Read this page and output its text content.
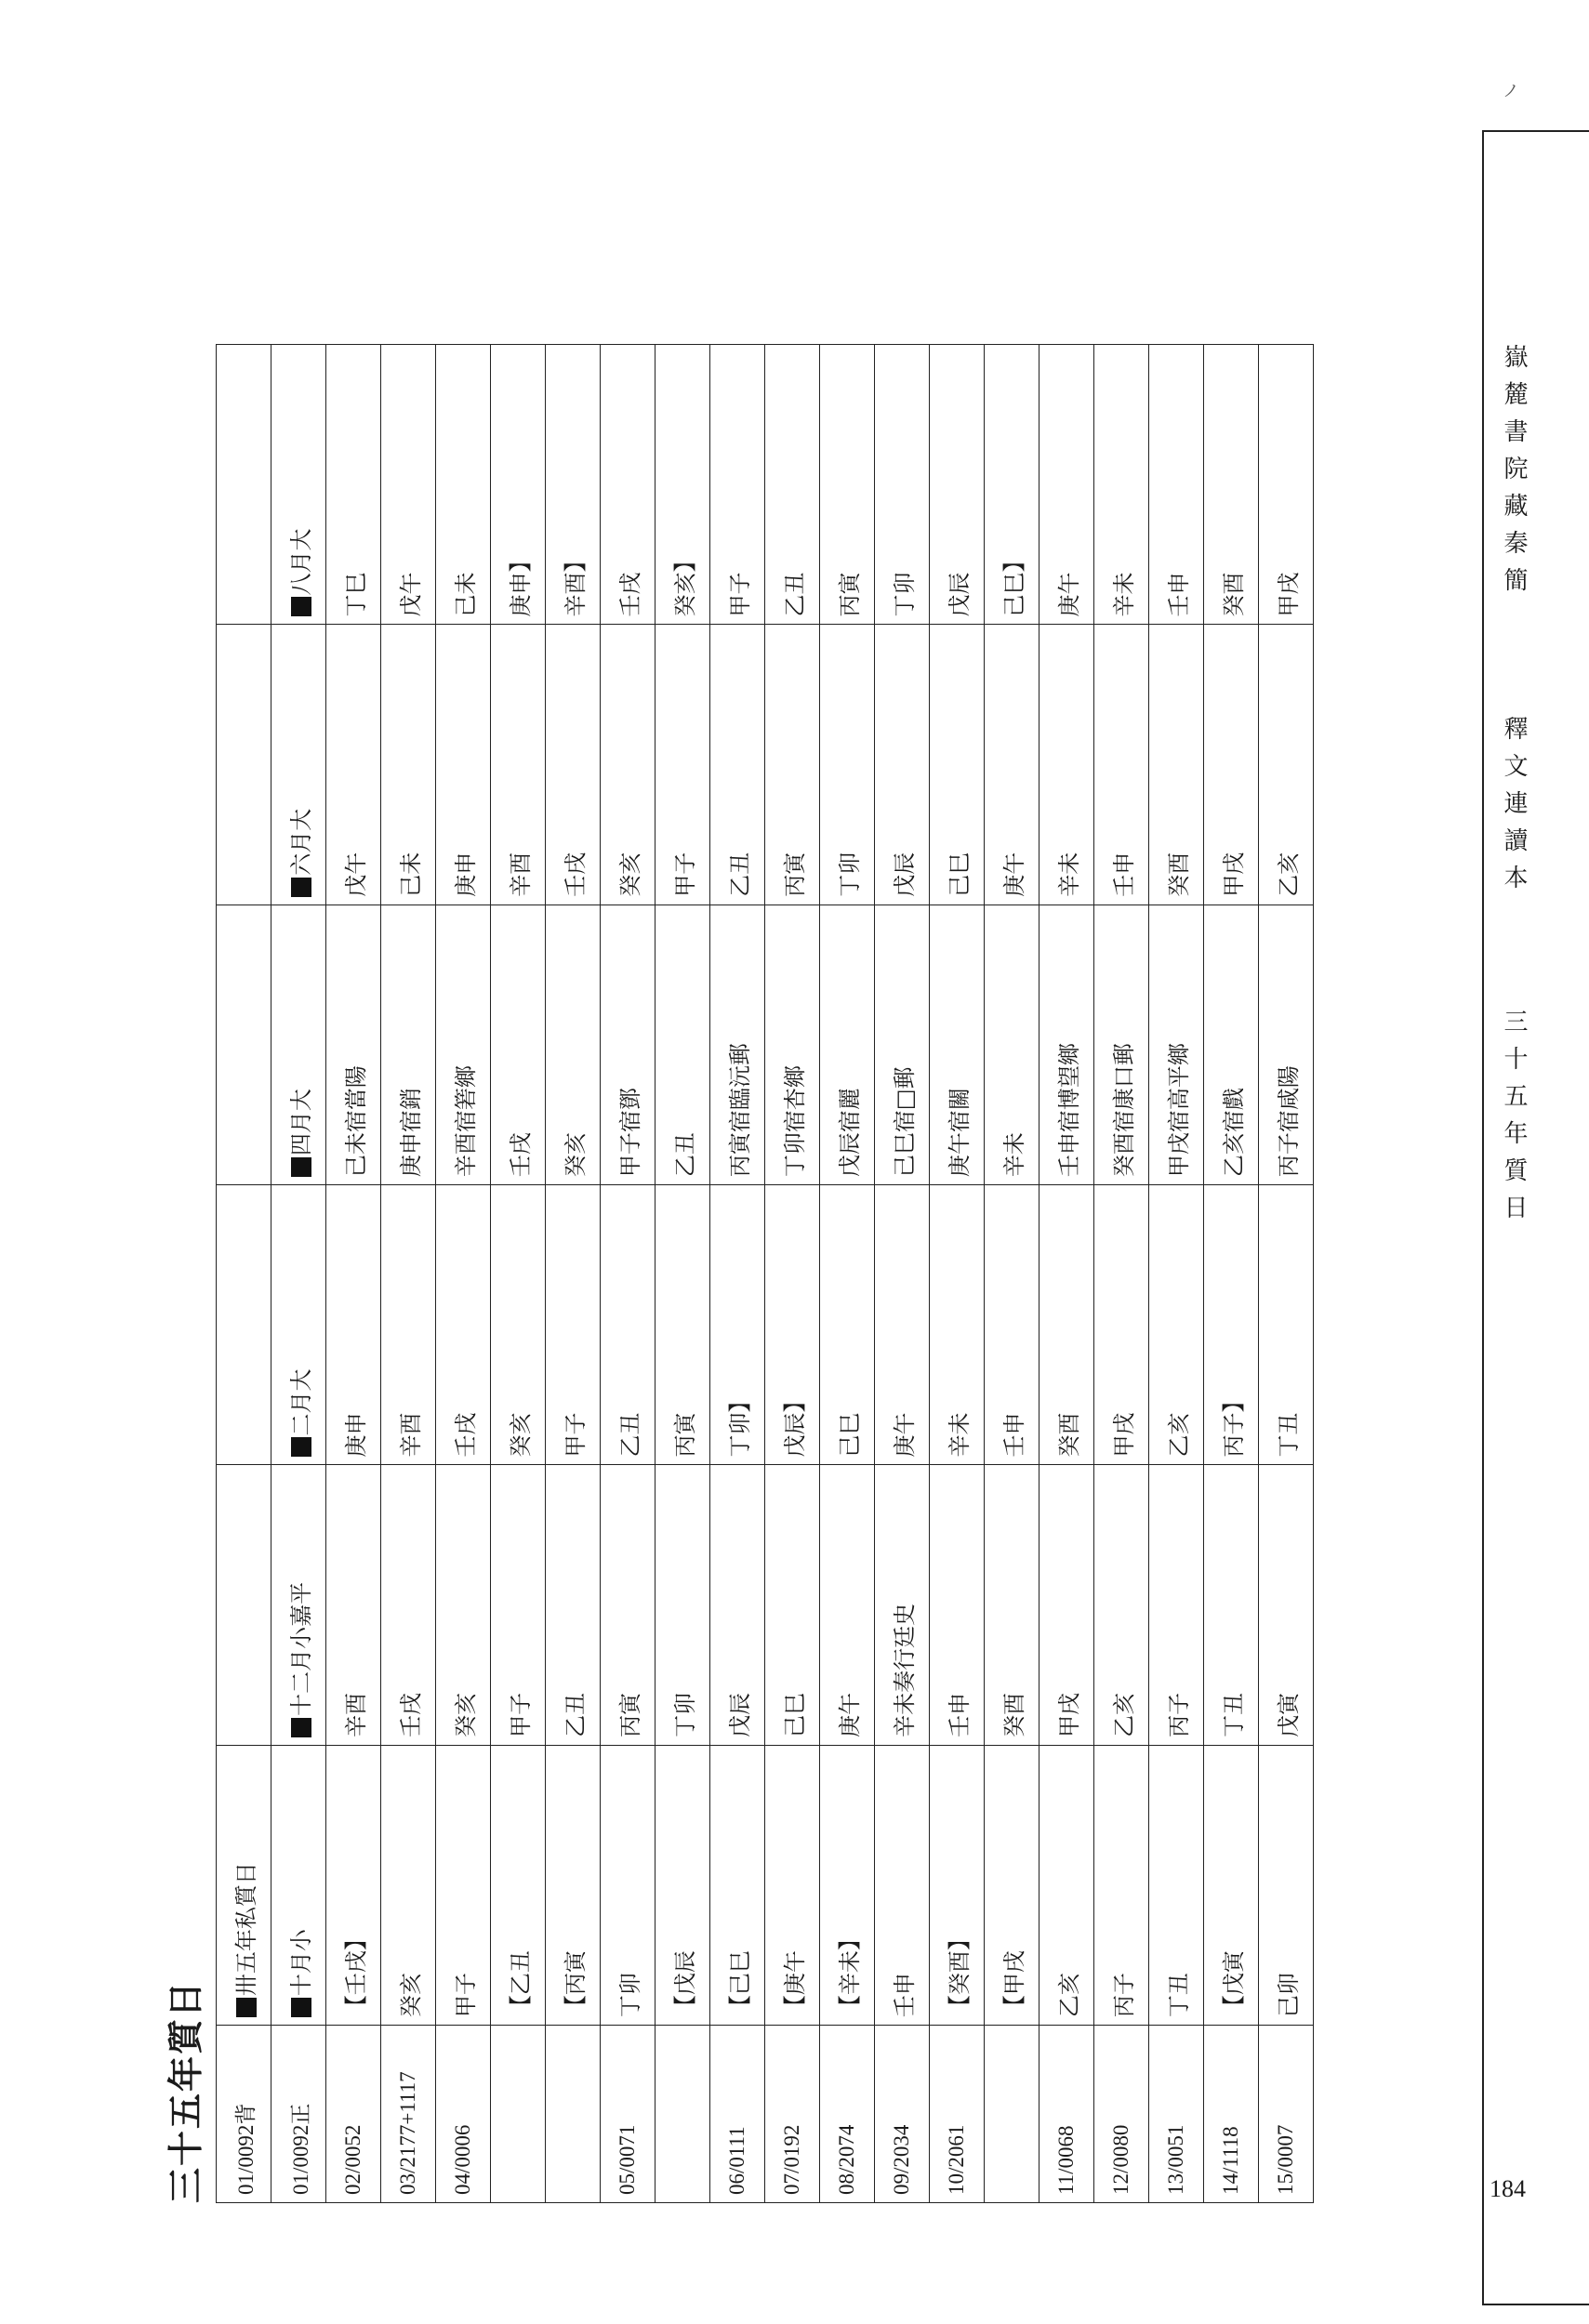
ノ
嶽麓書院藏秦簡
釋文連讀本
三十五年質日
184
三十五年質日	01/0092背	卅五年私質日					
01/0092正	十月小	十二月小嘉平	二月大	四月大	六月大	八月大
02/0052	【壬戌】	辛酉	庚申	己未宿當陽	戊午	丁巳
03/2177+1117	癸亥	壬戌	辛酉	庚申宿銷	己未	戊午
04/0006	甲子	癸亥	壬戌	辛酉宿箬鄉	庚申	己未
	【乙丑	甲子	癸亥	壬戌	辛酉	庚申】
	【丙寅	乙丑	甲子	癸亥	壬戌	辛酉】
05/0071	丁卯	丙寅	乙丑	甲子宿鄧	癸亥	壬戌
	【戊辰	丁卯	丙寅	乙丑	甲子	癸亥】
06/0111	【己巳	戊辰	丁卯】	丙寅宿臨沅郵	乙丑	甲子
07/0192	【庚午	己巳	戊辰】	丁卯宿杏鄉	丙寅	乙丑
08/2074	【辛未】	庚午	己巳	戊辰宿麗	丁卯	丙寅
09/2034	壬申	辛未奏行廷史	庚午	己巳宿□郵	戊辰	丁卯
10/2061	【癸酉】	壬申	辛未	庚午宿關	己巳	戊辰
	【甲戌	癸酉	壬申	辛未	庚午	己巳】
11/0068	乙亥	甲戌	癸酉	壬申宿博望鄉	辛未	庚午
12/0080	丙子	乙亥	甲戌	癸酉宿康口郵	壬申	辛未
13/0051	丁丑	丙子	乙亥	甲戌宿高平鄉	癸酉	壬申
14/1118	【戊寅	丁丑	丙子】	乙亥宿戲	甲戌	癸酉
15/0007	己卯	戊寅	丁丑	丙子宿咸陽	乙亥	甲戌
